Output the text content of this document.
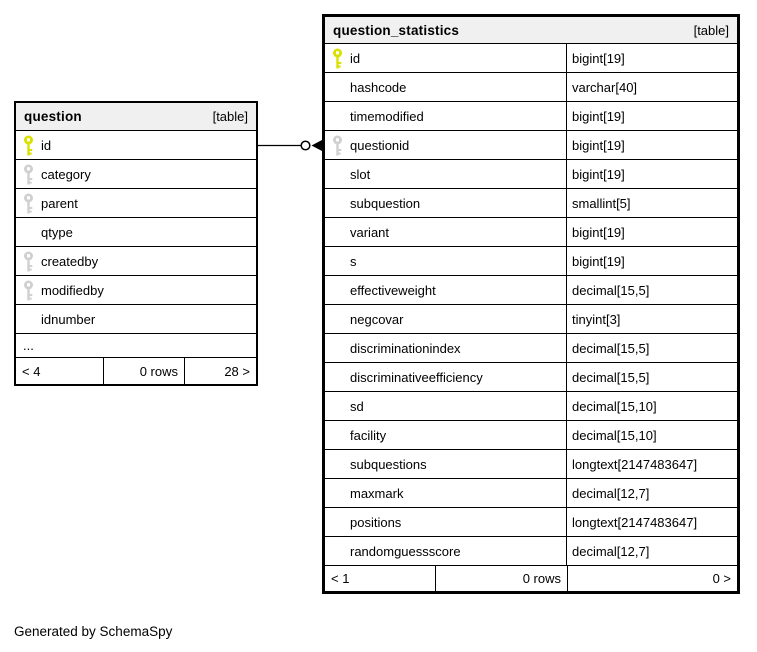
question	[table]
id
category
parent
qtype
createdby
modifiedby
idnumber
...
< 4	0 rows	28 >
question_statistics	[table]
id	bigint[19]
hashcode	varchar[40]
timemodified	bigint[19]
questionid	bigint[19]
slot	bigint[19]
subquestion	smallint[5]
variant	bigint[19]
s	bigint[19]
effectiveweight	decimal[15,5]
negcovar	tinyint[3]
discriminationindex	decimal[15,5]
discriminativeefficiency	decimal[15,5]
sd	decimal[15,10]
facility	decimal[15,10]
subquestions	longtext[2147483647]
maxmark	decimal[12,7]
positions	longtext[2147483647]
randomguessscore	decimal[12,7]
< 1	0 rows	0 >
Generated by SchemaSpy
